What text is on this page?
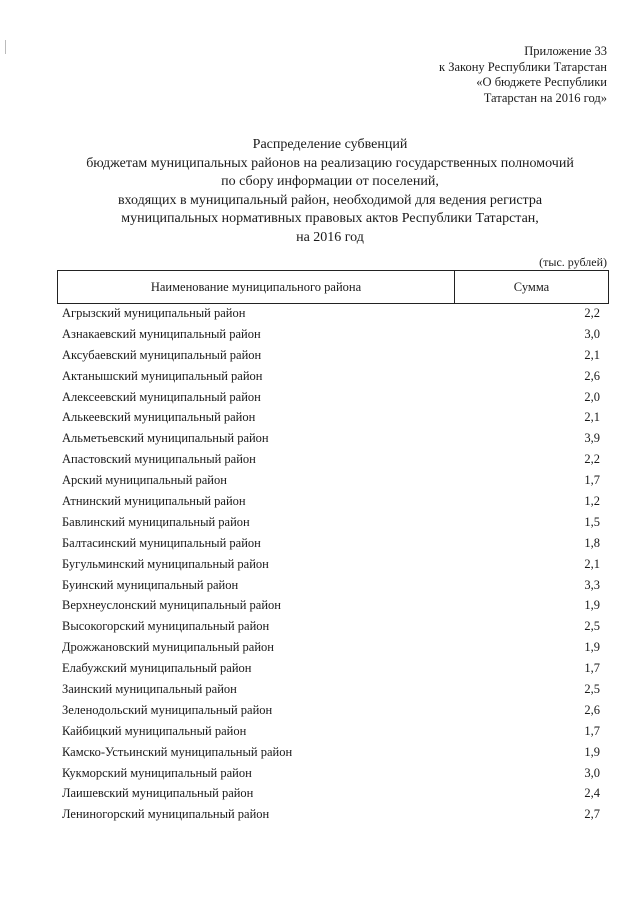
Приложение 33
к Закону Республики Татарстан
«О бюджете Республики
Татарстан на 2016 год»
Распределение субвенций
бюджетам муниципальных районов на реализацию государственных полномочий
по сбору информации от поселений,
входящих в муниципальный район, необходимой для ведения регистра
муниципальных нормативных правовых актов Республики Татарстан,
на 2016 год
(тыс. рублей)
Наименование муниципального района	Сумма
Агрызский муниципальный район	2,2
Азнакаевский муниципальный район	3,0
Аксубаевский муниципальный район	2,1
Актанышский муниципальный район	2,6
Алексеевский муниципальный район	2,0
Алькеевский муниципальный район	2,1
Альметьевский муниципальный район	3,9
Апастовский муниципальный район	2,2
Арский муниципальный район	1,7
Атнинский муниципальный район	1,2
Бавлинский муниципальный район	1,5
Балтасинский муниципальный район	1,8
Бугульминский муниципальный район	2,1
Буинский муниципальный район	3,3
Верхнеуслонский муниципальный район	1,9
Высокогорский муниципальный район	2,5
Дрожжановский муниципальный район	1,9
Елабужский муниципальный район	1,7
Заинский муниципальный район	2,5
Зеленодольский муниципальный район	2,6
Кайбицкий муниципальный район	1,7
Камско-Устьинский муниципальный район	1,9
Кукморский муниципальный район	3,0
Лаишевский муниципальный район	2,4
Лениногорский муниципальный район	2,7
